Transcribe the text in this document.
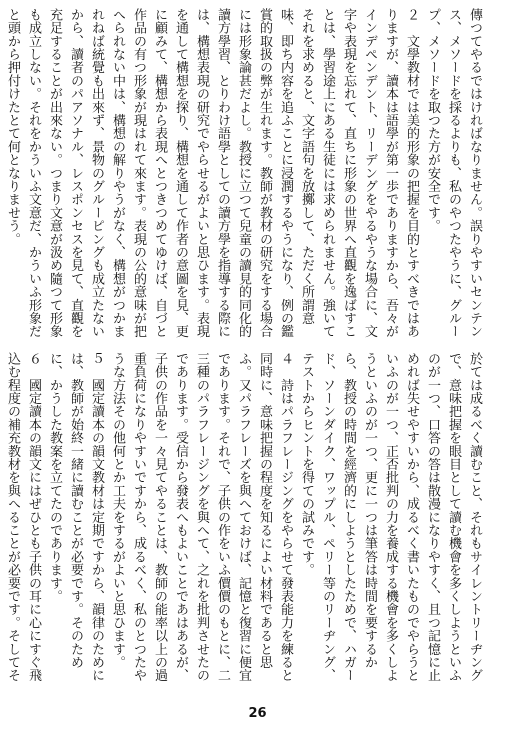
傳つてやるではければなりません。誤りやすいセンテンス、メソードを採るよりも、私のやつたやうに、グループ、メソードを取つた方が安全です。
２　文學教材では美的形象の把握を目的とすべきではありますが、讀本は語學が第一歩でありますから、吾々がインデペンデント、リーデングをやるやうな場合に、文字や表現を忘れて、直ちに形象の世界へ直觀を逸ばすことは、學習途上にある生徒には求められません。強いてそれを求めると、文字語句を放擲して、ただく所謂意味、即ち内容を追ふことに浸潤するやうになり、例の鑑賞的取扱の弊が生れます。教師が教材の研究をする場合には形象論甚だよし。教授に立つて兒童の讀見的同化的讀方學習、とりわけ語學としての讀方學を指導する際には、構想表現の研究でやらせるがよいと思ひます。表現を通して構想を探り、構想を通して作者の意圖を見、更に顧みて、構想から表現へとつきつめてゆけば、自づと作品の有つ形象が現はれて來ます。表現の公的意味が把へられない中は、構想の解りやうがなく、構想がつかまれねば統覺も出來ず、景物のグルーピングも成立たないから、讀者のパアソナル、レスポンセスを見て、直觀を充足することが出來ない。つまり文意が汲め隨つて形象も成立しない。それをかういふ文意だ、かういふ形象だと頭から押付けたとて何となりませう。
於ては成るべく讀むこと、それもサイレントリーヂングで、意味把握を眼目として讀む機會を多くしようといふのが一つ、口答の答は散漫になりやすく、且つ記憶に止めれば失せやすいから、成るべく書いたものでやらうといふのが一つ、正否批判の力を養成する機會を多くしようといふのが一つ、更に一つは筆答は時間を要するから、教授の時間を經濟的にしようとしたためで、ハガード、ソーンダイク、ワップル、ペリー等のリーヂング、テストからヒントを得ての試みです。
４　詩はパラフレージングをやらせて發表能力を練ると同時に、意味把握の程度を知るによい材料であると思ふ。又パラフレーズを與へておけば、記憶と復習に便宜であります。それで、子供の作をいふ價價のもとに、二三種のパラフレージングを與へて、之れを批判させたのであります。受信から發表へもよいことであはあるが、子供の作品を一々見てやることは、教師の能率以上の過重負荷になりやすいですから、成るべく、私のとつたやうな方法その他何とか工夫をするがよいと思ひます。
５　國定讀本の韻文教材は定期ですから、韻律のためには、教師が始終一緒に讀むことが必要です。そのために、かうした教案を立てたのであります。
６　國定讀本の韻文にはぜひとも子供の耳に心にすぐ飛込む程度の補充教材を與へることが必要です。そしてそ
26
